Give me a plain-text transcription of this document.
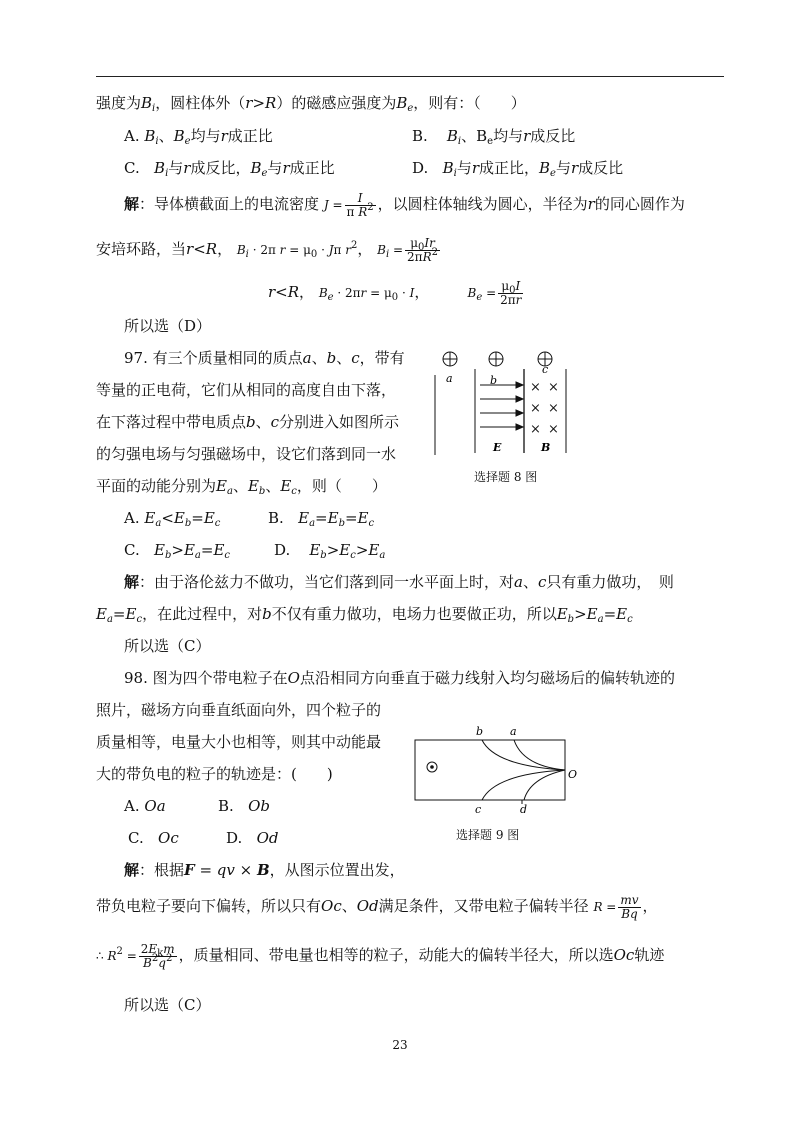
强度为$B_i$，圆柱体外（r>R）的磁感应强度为$B_e$，则有：（　　）
A. $B_i$、$B_e$均与r成正比	B. $B_i$、$B_e$均与r成反比
C. $B_i$与r成反比，$B_e$与r成正比	D. $B_i$与r成正比，$B_e$与r成反比
解：导体横截面上的电流密度 $J = \frac{I}{\pi R^2}$ ，以圆柱体轴线为圆心，半径为r的同心圆作为
安培环路，当r<R， $B_i \cdot 2\pi$ $r = \mu_0 \cdot J\pi$ $r^2$， $B_i = \frac{\mu_0Ir}{2\pi R^2}$
r<R， $B_e \cdot 2\pi r = \mu_0 \cdot I$，        $B_e = \frac{\mu_0I}{2\pi r}$
所以选（D）
97. 有三个质量相同的质点a、b、c，带有
等量的正电荷，它们从相同的高度自由下落，
在下落过程中带电质点b、c分别进入如图所示
的匀强电场与匀强磁场中，设它们落到同一水
平面的动能分别为$E_a$、$E_b$、$E_c$，则（　　）
× ×
× ×
× ×
a	b
c
E	B
选择题 8 图
A. $E_a<E_b=E_c$	B. $E_a=E_b=E_c$
C. $E_b>E_a=E_c$	D. $E_b>E_c>E_a$
解：由于洛伦兹力不做功，当它们落到同一水平面上时，对a、c只有重力做功，　则
$E_a=E_c$，在此过程中，对b不仅有重力做功，电场力也要做正功，所以$E_b>E_a=E_c$
所以选（C）
98. 图为四个带电粒子在O点沿相同方向垂直于磁力线射入均匀磁场后的偏转轨迹的
照片，磁场方向垂直纸面向外，四个粒子的
质量相等，电量大小也相等，则其中动能最
大的带负电的粒子的轨迹是：(　　)
A. Oa	B. Ob
C. Oc	D. Od
b a
O
c	d
选择题 9 图
解：根据F = qv × B，从图示位置出发，
带负电粒子要向下偏转，所以只有Oc、Od满足条件，又带电粒子偏转半径 $R = \frac{mv}{Bq}$ ，
∴ $R^2 = \frac{2E_km}{B^2q^2}$ ，质量相同、带电量也相等的粒子，动能大的偏转半径大，所以选Oc轨迹
所以选（C）
23
